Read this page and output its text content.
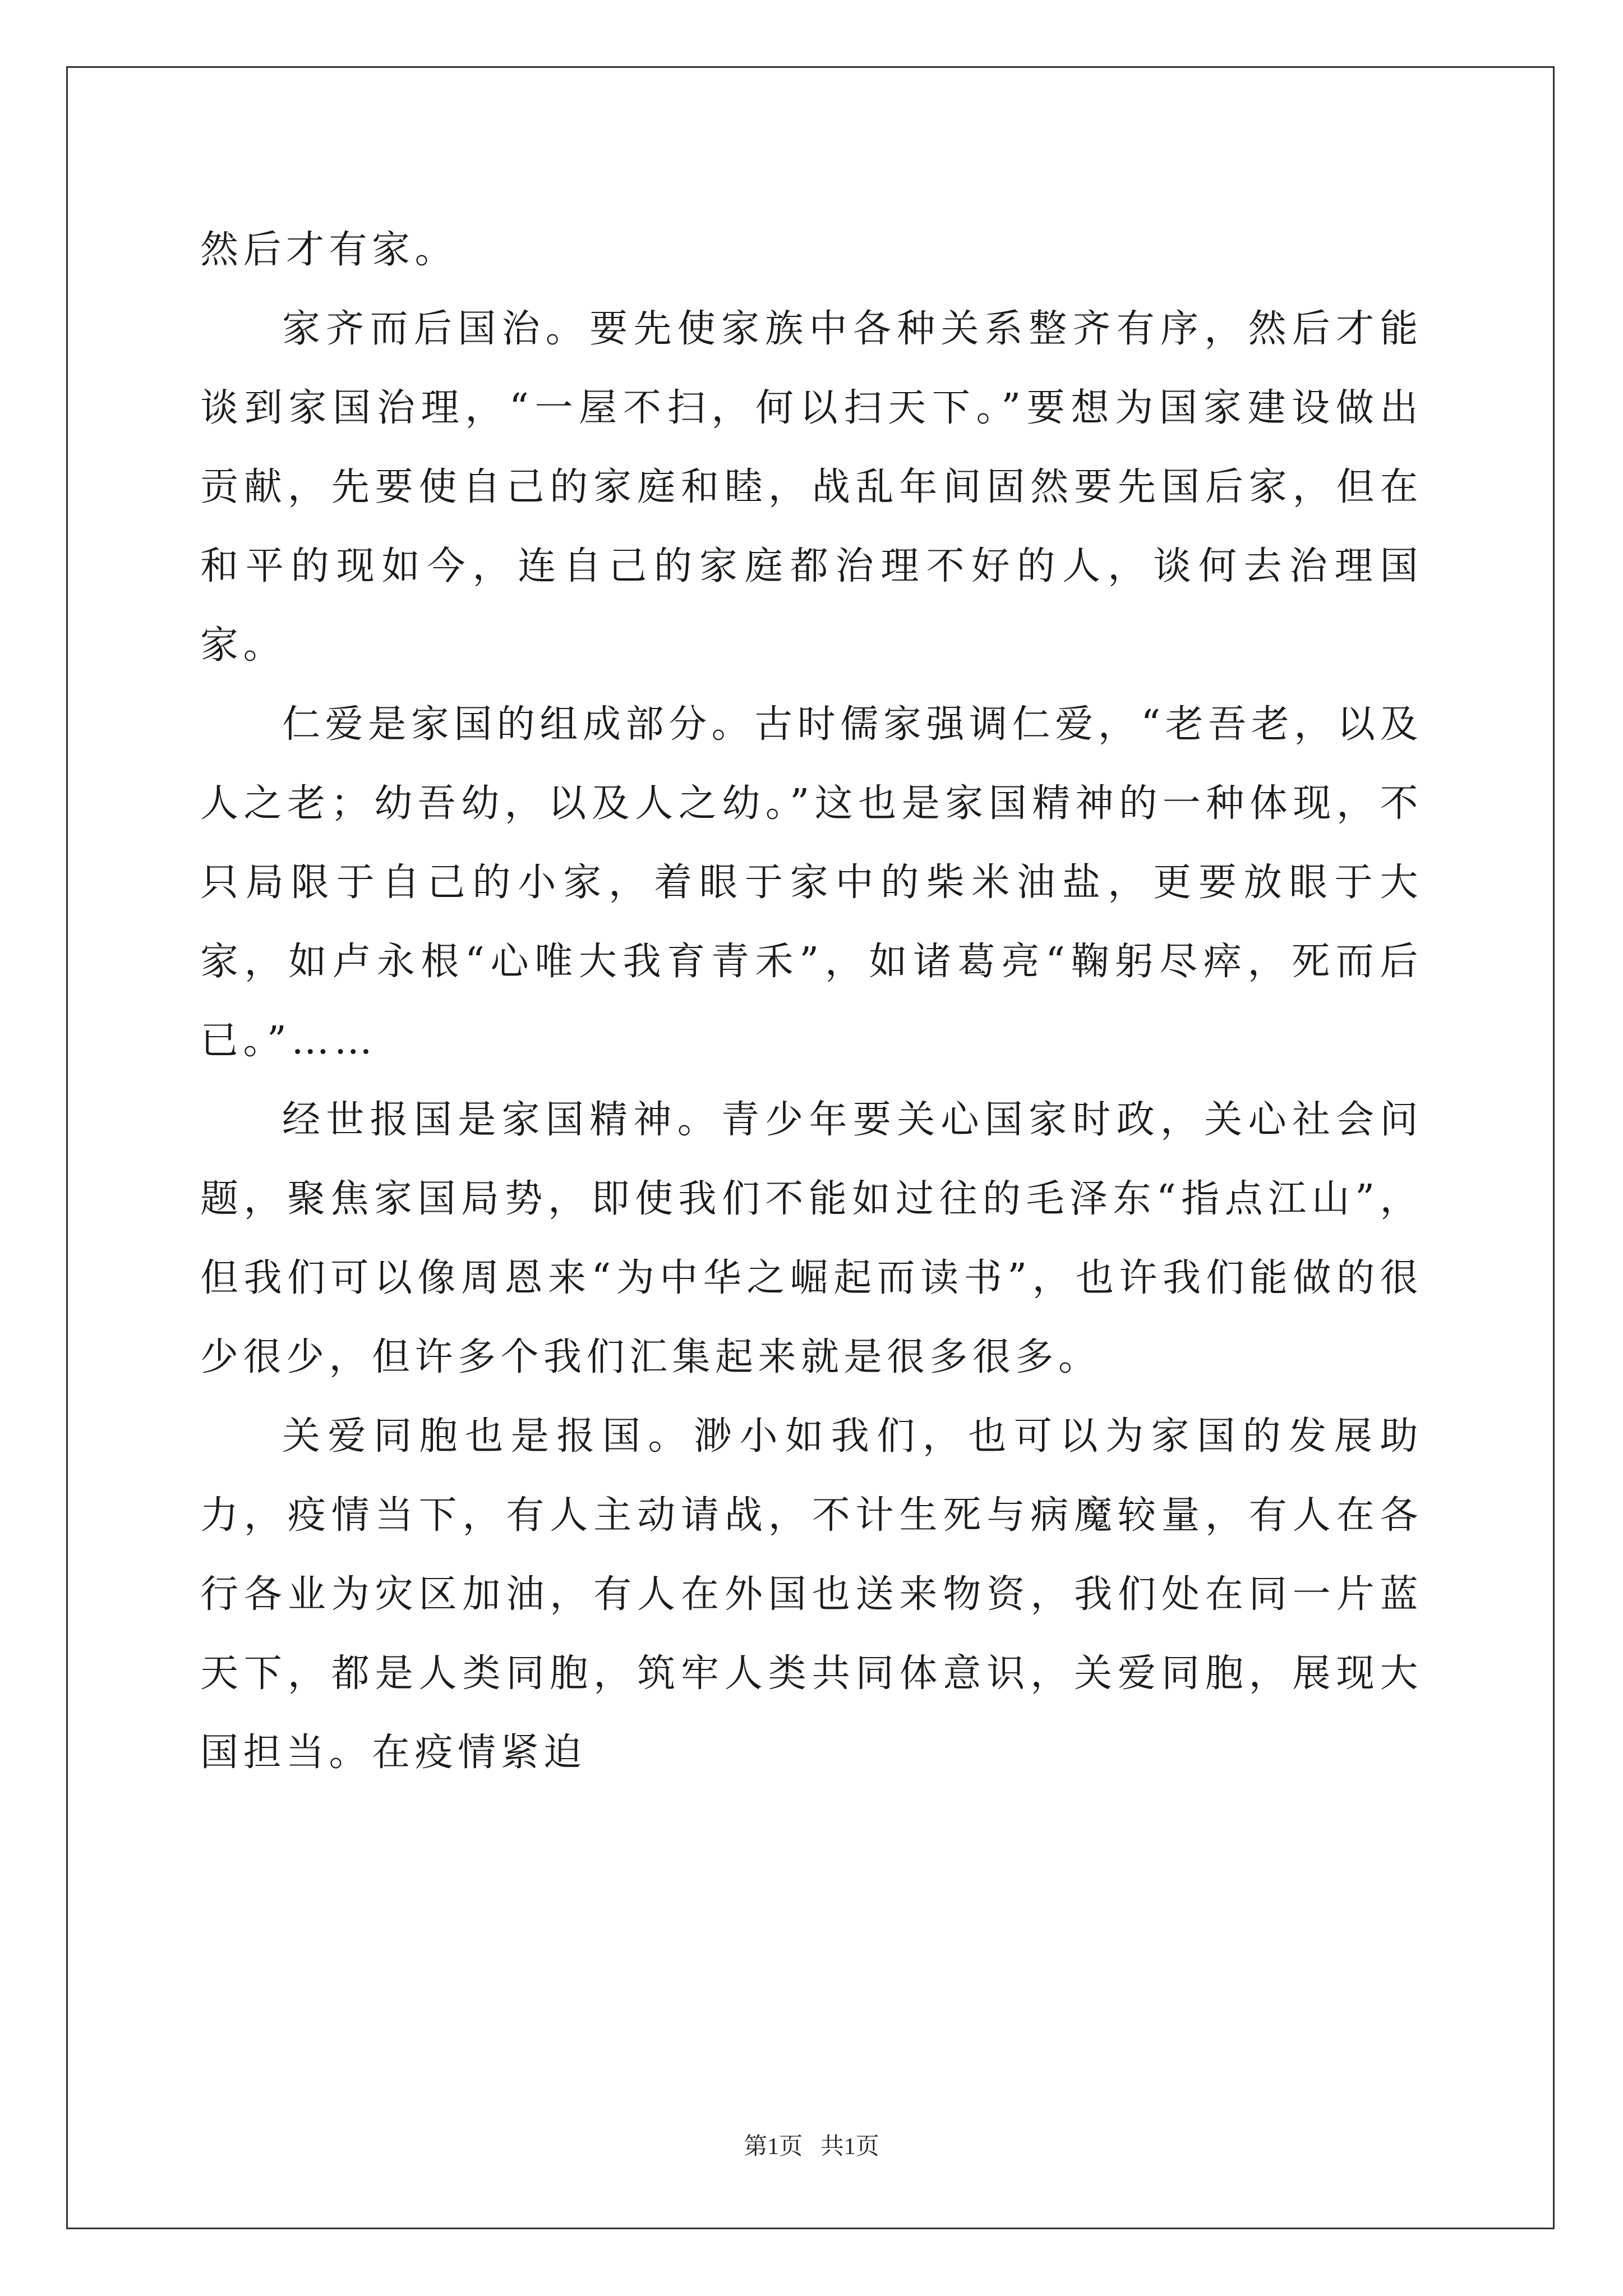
然后才有家。

家齐而后国治。要先使家族中各种关系整齐有序，然后才能谈到家国治理，“一屋不扫，何以扫天下。”要想为国家建设做出贡献，先要使自己的家庭和睦，战乱年间固然要先国后家，但在和平的现如今，连自己的家庭都治理不好的人，谈何去治理国家。

仁爱是家国的组成部分。古时儒家强调仁爱，“老吾老，以及人之老；幼吾幼，以及人之幼。”这也是家国精神的一种体现，不只局限于自己的小家，着眼于家中的柴米油盐，更要放眼于大家，如卢永根“心唯大我育青禾”，如诸葛亮“鞠躬尽瘁，死而后已。”……

经世报国是家国精神。青少年要关心国家时政，关心社会问题，聚焦家国局势，即使我们不能如过往的毛泽东“指点江山”，但我们可以像周恩来“为中华之崛起而读书”，也许我们能做的很少很少，但许多个我们汇集起来就是很多很多。

关爱同胞也是报国。渺小如我们，也可以为家国的发展助力，疫情当下，有人主动请战，不计生死与病魔较量，有人在各行各业为灾区加油，有人在外国也送来物资，我们处在同一片蓝天下，都是人类同胞，筑牢人类共同体意识，关爱同胞，展现大国担当。在疫情紧迫

第1页   共1页
